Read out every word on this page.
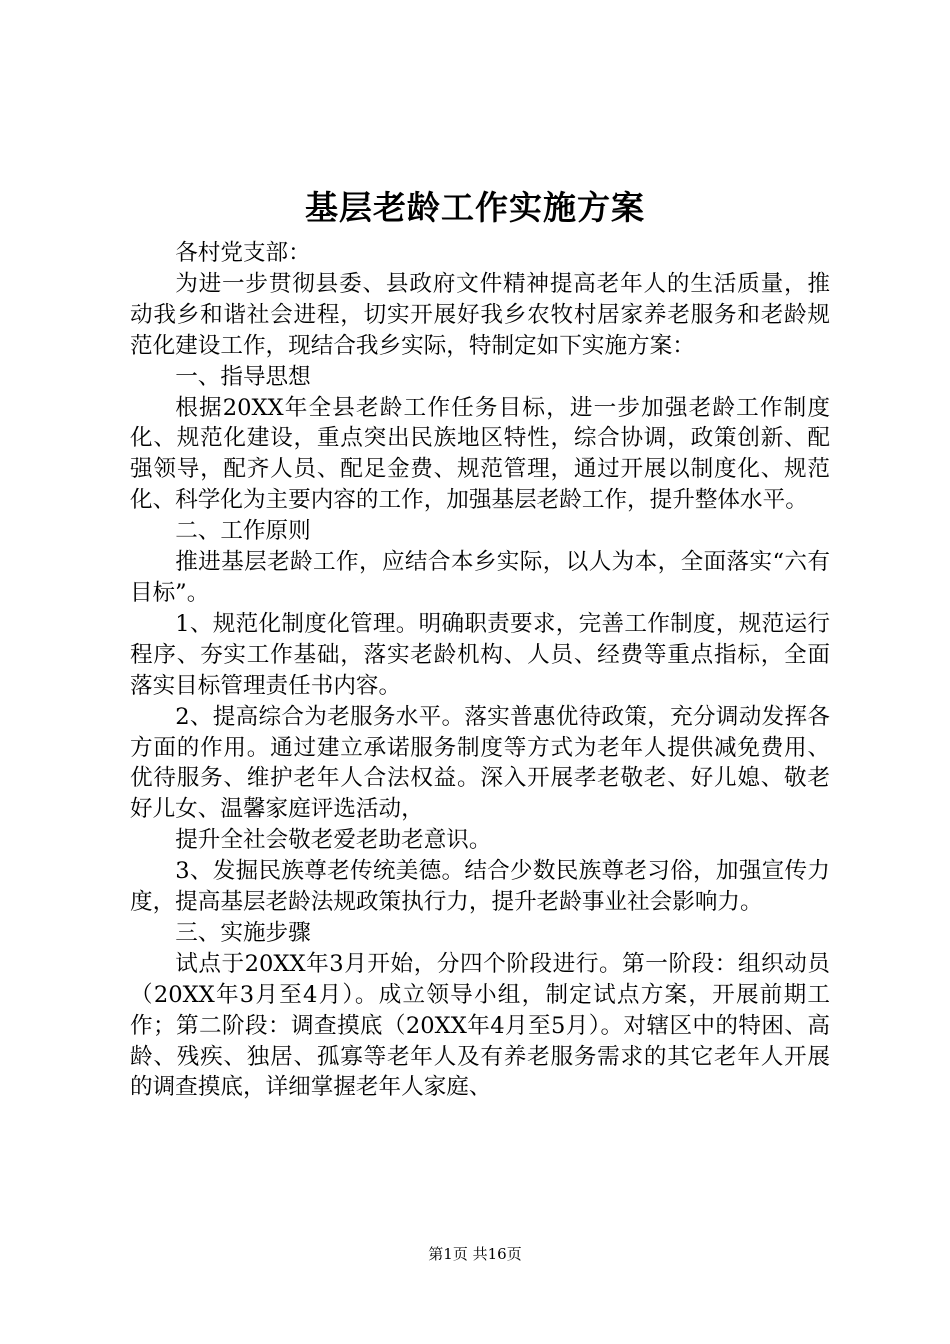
基层老龄工作实施方案

各村党支部：

为进一步贯彻县委、县政府文件精神提高老年人的生活质量，推动我乡和谐社会进程，切实开展好我乡农牧村居家养老服务和老龄规范化建设工作，现结合我乡实际，特制定如下实施方案：

一、指导思想

根据20XX年全县老龄工作任务目标，进一步加强老龄工作制度化、规范化建设，重点突出民族地区特性，综合协调，政策创新、配强领导，配齐人员、配足金费、规范管理，通过开展以制度化、规范化、科学化为主要内容的工作，加强基层老龄工作，提升整体水平。

二、工作原则

推进基层老龄工作，应结合本乡实际，以人为本，全面落实“六有目标”。

1、规范化制度化管理。明确职责要求，完善工作制度，规范运行程序、夯实工作基础，落实老龄机构、人员、经费等重点指标，全面落实目标管理责任书内容。

2、提高综合为老服务水平。落实普惠优待政策，充分调动发挥各方面的作用。通过建立承诺服务制度等方式为老年人提供减免费用、优待服务、维护老年人合法权益。深入开展孝老敬老、好儿媳、敬老好儿女、温馨家庭评选活动，

提升全社会敬老爱老助老意识。

3、发掘民族尊老传统美德。结合少数民族尊老习俗，加强宣传力度，提高基层老龄法规政策执行力，提升老龄事业社会影响力。

三、实施步骤

试点于20XX年3月开始，分四个阶段进行。第一阶段：组织动员（20XX年3月至4月）。成立领导小组，制定试点方案，开展前期工作；第二阶段：调查摸底（20XX年4月至5月）。对辖区中的特困、高龄、残疾、独居、孤寡等老年人及有养老服务需求的其它老年人开展的调查摸底，详细掌握老年人家庭、

第1页 共16页
